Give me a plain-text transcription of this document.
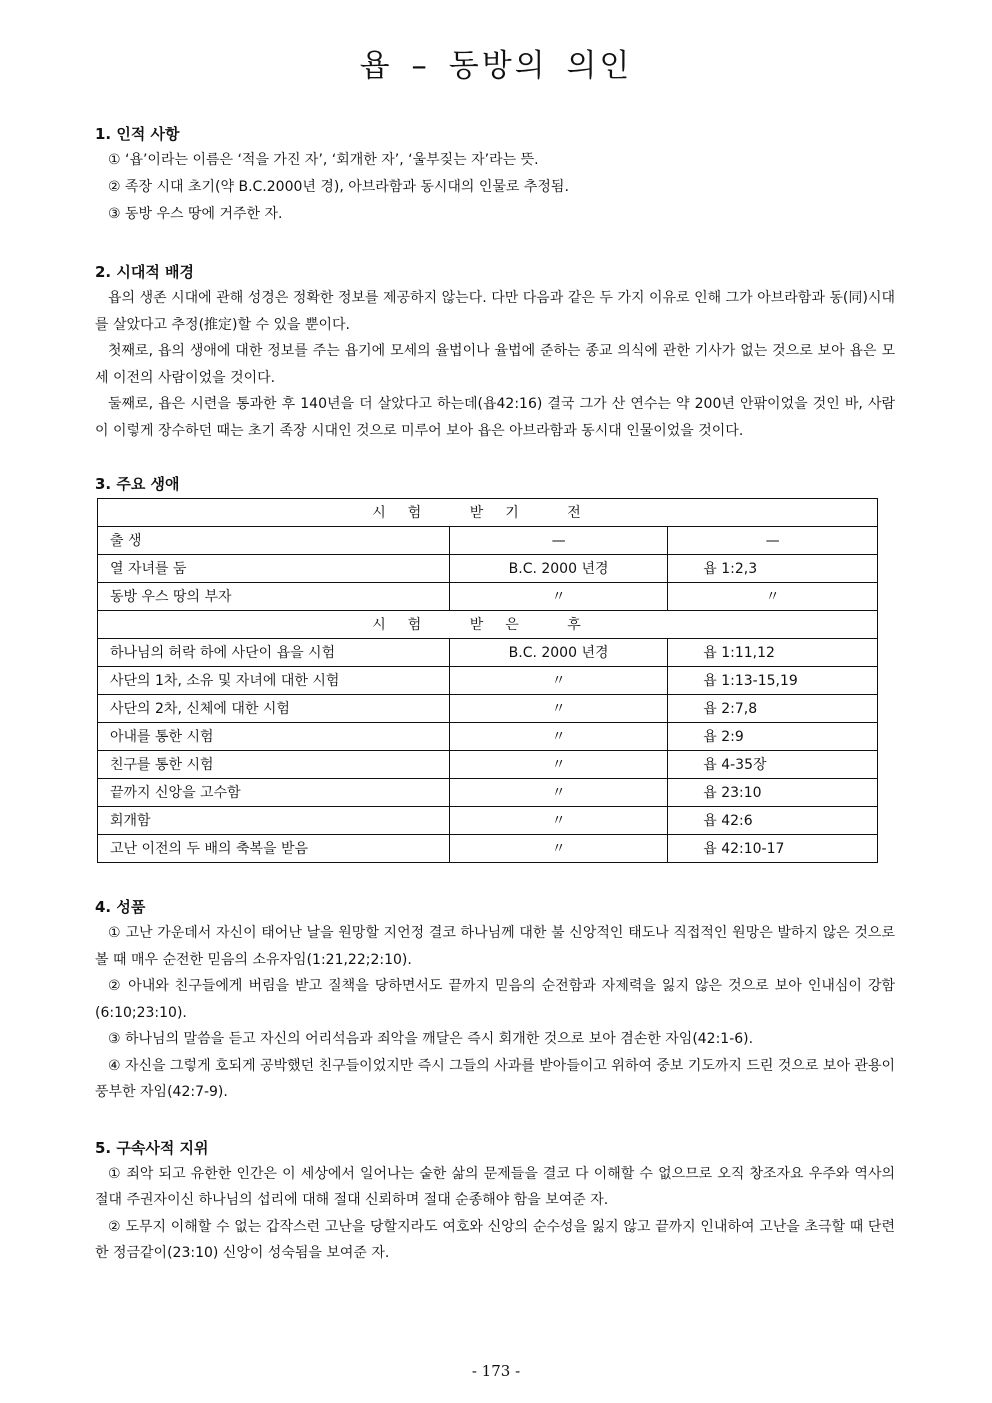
욥 – 동방의 의인
1. 인적 사항
① ‘욥’이라는 이름은 ‘적을 가진 자’, ‘회개한 자’, ‘울부짖는 자’라는 뜻.
② 족장 시대 초기(약 B.C.2000년 경), 아브라함과 동시대의 인물로 추정됨.
③ 동방 우스 땅에 거주한 자.
2. 시대적 배경

욥의 생존 시대에 관해 성경은 정확한 정보를 제공하지 않는다. 다만 다음과 같은 두 가지 이유로 인해 그가 아브라함과 동(同)시대를 살았다고 추정(推定)할 수 있을 뿐이다.

첫째로, 욥의 생애에 대한 정보를 주는 욥기에 모세의 율법이나 율법에 준하는 종교 의식에 관한 기사가 없는 것으로 보아 욥은 모세 이전의 사람이었을 것이다.

둘째로, 욥은 시련을 통과한 후 140년을 더 살았다고 하는데(욥42:16) 결국 그가 산 연수는 약 200년 안팎이었을 것인 바, 사람이 이렇게 장수하던 때는 초기 족장 시대인 것으로 미루어 보아 욥은 아브라함과 동시대 인물이었을 것이다.

3. 주요 생애
시험 받기 전		
출 생	—	—
열 자녀를 둠	B.C. 2000 년경	욥 1:2,3
동방 우스 땅의 부자	〃	〃
시험 받은 후		
하나님의 허락 하에 사단이 욥을 시험	B.C. 2000 년경	욥 1:11,12
사단의 1차, 소유 및 자녀에 대한 시험	〃	욥 1:13-15,19
사단의 2차, 신체에 대한 시험	〃	욥 2:7,8
아내를 통한 시험	〃	욥 2:9
친구를 통한 시험	〃	욥 4-35장
끝까지 신앙을 고수함	〃	욥 23:10
회개함	〃	욥 42:6
고난 이전의 두 배의 축복을 받음	〃	욥 42:10-17
4. 성품

① 고난 가운데서 자신이 태어난 날을 원망할 지언정 결코 하나님께 대한 불 신앙적인 태도나 직접적인 원망은 발하지 않은 것으로 볼 때 매우 순전한 믿음의 소유자임(1:21,22;2:10).

② 아내와 친구들에게 버림을 받고 질책을 당하면서도 끝까지 믿음의 순전함과 자제력을 잃지 않은 것으로 보아 인내심이 강함(6:10;23:10).

③ 하나님의 말씀을 듣고 자신의 어리석음과 죄악을 깨달은 즉시 회개한 것으로 보아 겸손한 자임(42:1-6).

④ 자신을 그렇게 호되게 공박했던 친구들이었지만 즉시 그들의 사과를 받아들이고 위하여 중보 기도까지 드린 것으로 보아 관용이 풍부한 자임(42:7-9).

5. 구속사적 지위

① 죄악 되고 유한한 인간은 이 세상에서 일어나는 숱한 삶의 문제들을 결코 다 이해할 수 없으므로 오직 창조자요 우주와 역사의 절대 주권자이신 하나님의 섭리에 대해 절대 신뢰하며 절대 순종해야 함을 보여준 자.

② 도무지 이해할 수 없는 갑작스런 고난을 당할지라도 여호와 신앙의 순수성을 잃지 않고 끝까지 인내하여 고난을 초극할 때 단련한 정금같이(23:10) 신앙이 성숙됨을 보여준 자.

- 173 -
